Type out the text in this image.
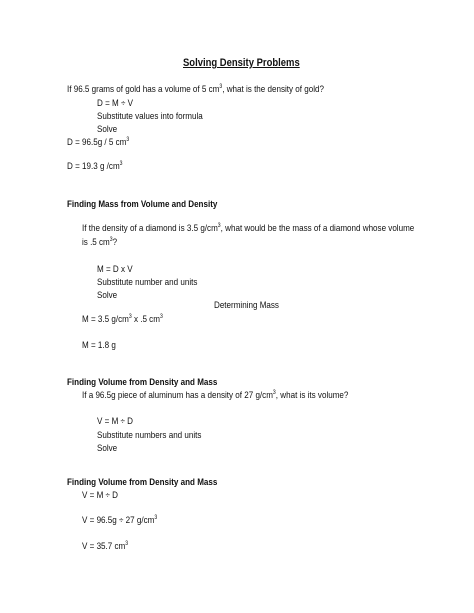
Solving Density Problems
If 96.5 grams of gold has a volume of 5 $cm^3$, what is the density of gold?
D = M ÷ V
Substitute values into formula
Solve
D = 96.5g / 5 $cm^3$
D = 19.3 g $/cm^3$
Finding Mass from Volume and Density
If the density of a diamond is 3.5 $g/cm^3$, what would be the mass of a diamond whose volume
is .5 $cm^3$?
M = D x V
Substitute number and units
Solve
Determining Mass
M = 3.5 $g/cm^3$ x .5 $cm^3$
M = 1.8 g
Finding Volume from Density and Mass
If a 96.5g piece of aluminum has a density of 27 $g/cm^3$, what is its volume?
V = M ÷ D
Substitute numbers and units
Solve
Finding Volume from Density and Mass
V = M ÷ D
V = 96.5g ÷ 27 $g/cm^3$
V = 35.7 $cm^3$
